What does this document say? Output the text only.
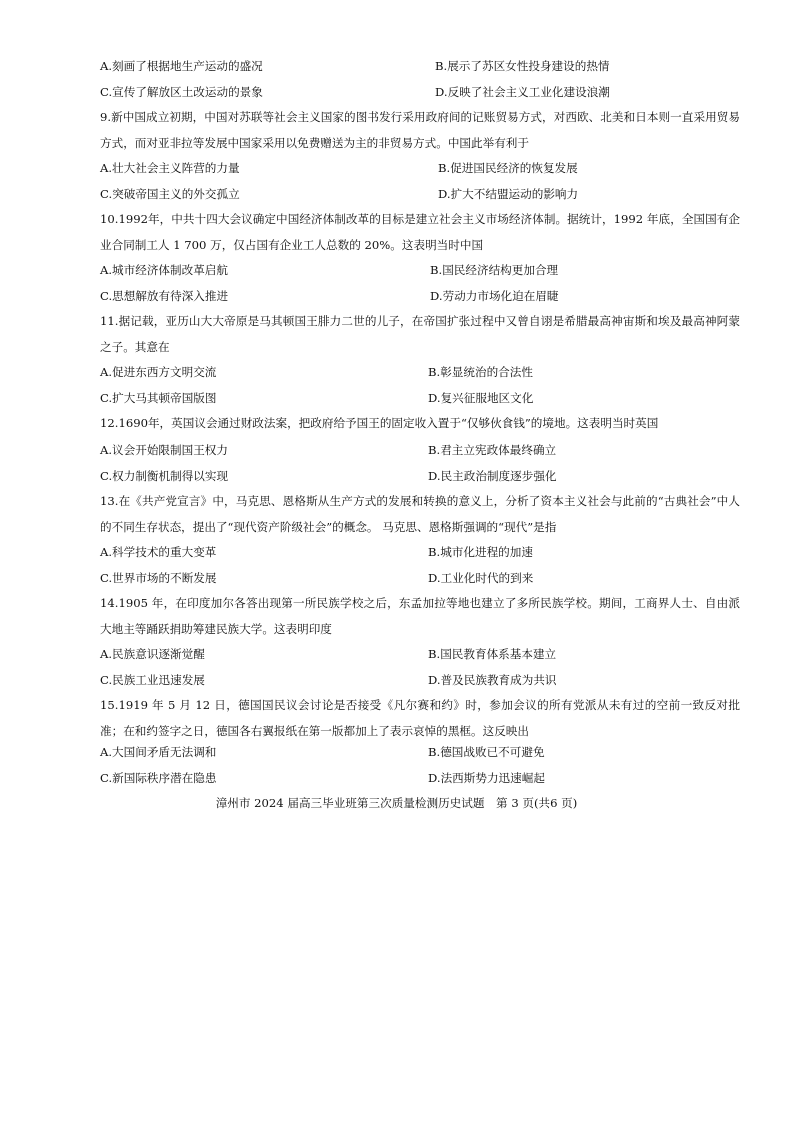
A.刻画了根据地生产运动的盛况	B.展示了苏区女性投身建设的热情
C.宣传了解放区土改运动的景象	D.反映了社会主义工业化建设浪潮
9.新中国成立初期，中国对苏联等社会主义国家的图书发行采用政府间的记账贸易方式，对西欧、北美和日本则一直采用贸易方式，而对亚非拉等发展中国家采用以免费赠送为主的非贸易方式。中国此举有利于
A.壮大社会主义阵营的力量	B.促进国民经济的恢复发展
C.突破帝国主义的外交孤立	D.扩大不结盟运动的影响力
10.1992年，中共十四大会议确定中国经济体制改革的目标是建立社会主义市场经济体制。据统计，1992 年底，全国国有企业合同制工人 1 700 万，仅占国有企业工人总数的 20%。这表明当时中国
A.城市经济体制改革启航	B.国民经济结构更加合理
C.思想解放有待深入推进	D.劳动力市场化迫在眉睫
11.据记载，亚历山大大帝原是马其顿国王腓力二世的儿子，在帝国扩张过程中又曾自诩是希腊最高神宙斯和埃及最高神阿蒙之子。其意在
A.促进东西方文明交流	B.彰显统治的合法性
C.扩大马其顿帝国版图	D.复兴征服地区文化
12.1690年，英国议会通过财政法案，把政府给予国王的固定收入置于“仅够伙食钱”的境地。这表明当时英国
A.议会开始限制国王权力	B.君主立宪政体最终确立
C.权力制衡机制得以实现	D.民主政治制度逐步强化
13.在《共产党宣言》中，马克思、恩格斯从生产方式的发展和转换的意义上，分析了资本主义社会与此前的“古典社会”中人的不同生存状态，提出了“现代资产阶级社会”的概念。 马克思、恩格斯强调的“现代”是指
A.科学技术的重大变革	B.城市化进程的加速
C.世界市场的不断发展	D.工业化时代的到来
14.1905 年，在印度加尔各答出现第一所民族学校之后，东孟加拉等地也建立了多所民族学校。期间，工商界人士、自由派大地主等踊跃捐助筹建民族大学。这表明印度
A.民族意识逐渐觉醒	B.国民教育体系基本建立
C.民族工业迅速发展	D.普及民族教育成为共识
15.1919 年 5 月 12 日，德国国民议会讨论是否接受《凡尔赛和约》时，参加会议的所有党派从未有过的空前一致反对批准；在和约签字之日，德国各右翼报纸在第一版都加上了表示哀悼的黑框。这反映出
A.大国间矛盾无法调和	B.德国战败已不可避免
C.新国际秩序潜在隐患	D.法西斯势力迅速崛起
漳州市 2024 届高三毕业班第三次质量检测历史试题　第 3 页(共6 页)
